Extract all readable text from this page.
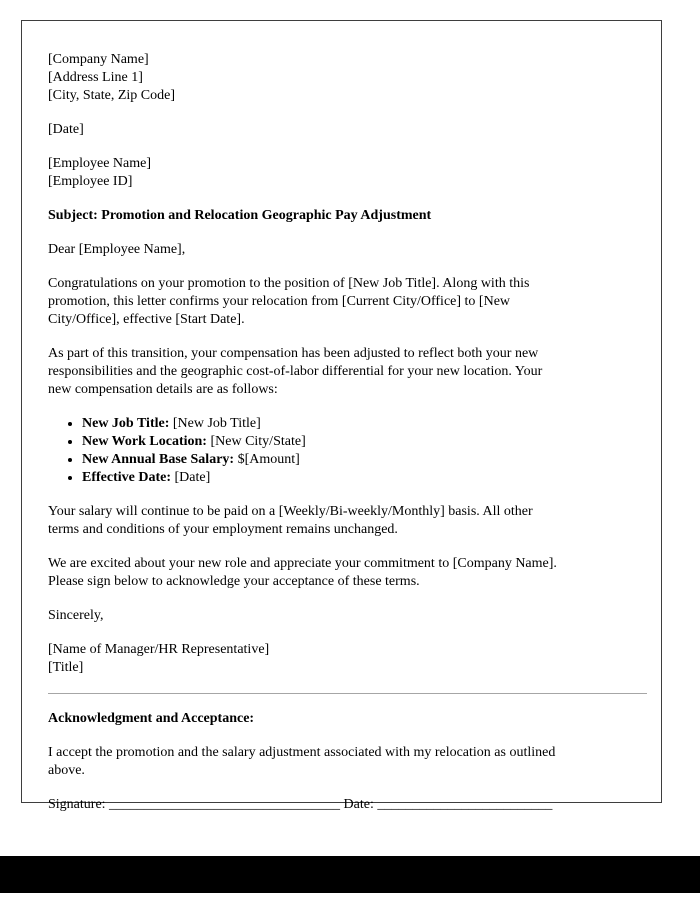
[Company Name]
[Address Line 1]
[City, State, Zip Code]

[Date]

[Employee Name]
[Employee ID]

Subject: Promotion and Relocation Geographic Pay Adjustment

Dear [Employee Name],

Congratulations on your promotion to the position of [New Job Title]. Along with this
promotion, this letter confirms your relocation from [Current City/Office] to [New
City/Office], effective [Start Date].

As part of this transition, your compensation has been adjusted to reflect both your new
responsibilities and the geographic cost-of-labor differential for your new location. Your
new compensation details are as follows:

• New Job Title: [New Job Title]
• New Work Location: [New City/State]
• New Annual Base Salary: $[Amount]
• Effective Date: [Date]

Your salary will continue to be paid on a [Weekly/Bi-weekly/Monthly] basis. All other
terms and conditions of your employment remains unchanged.

We are excited about your new role and appreciate your commitment to [Company Name].
Please sign below to acknowledge your acceptance of these terms.

Sincerely,

[Name of Manager/HR Representative]
[Title]

Acknowledgment and Acceptance:

I accept the promotion and the salary adjustment associated with my relocation as outlined
above.

Signature: _________________________________ Date: _________________________
